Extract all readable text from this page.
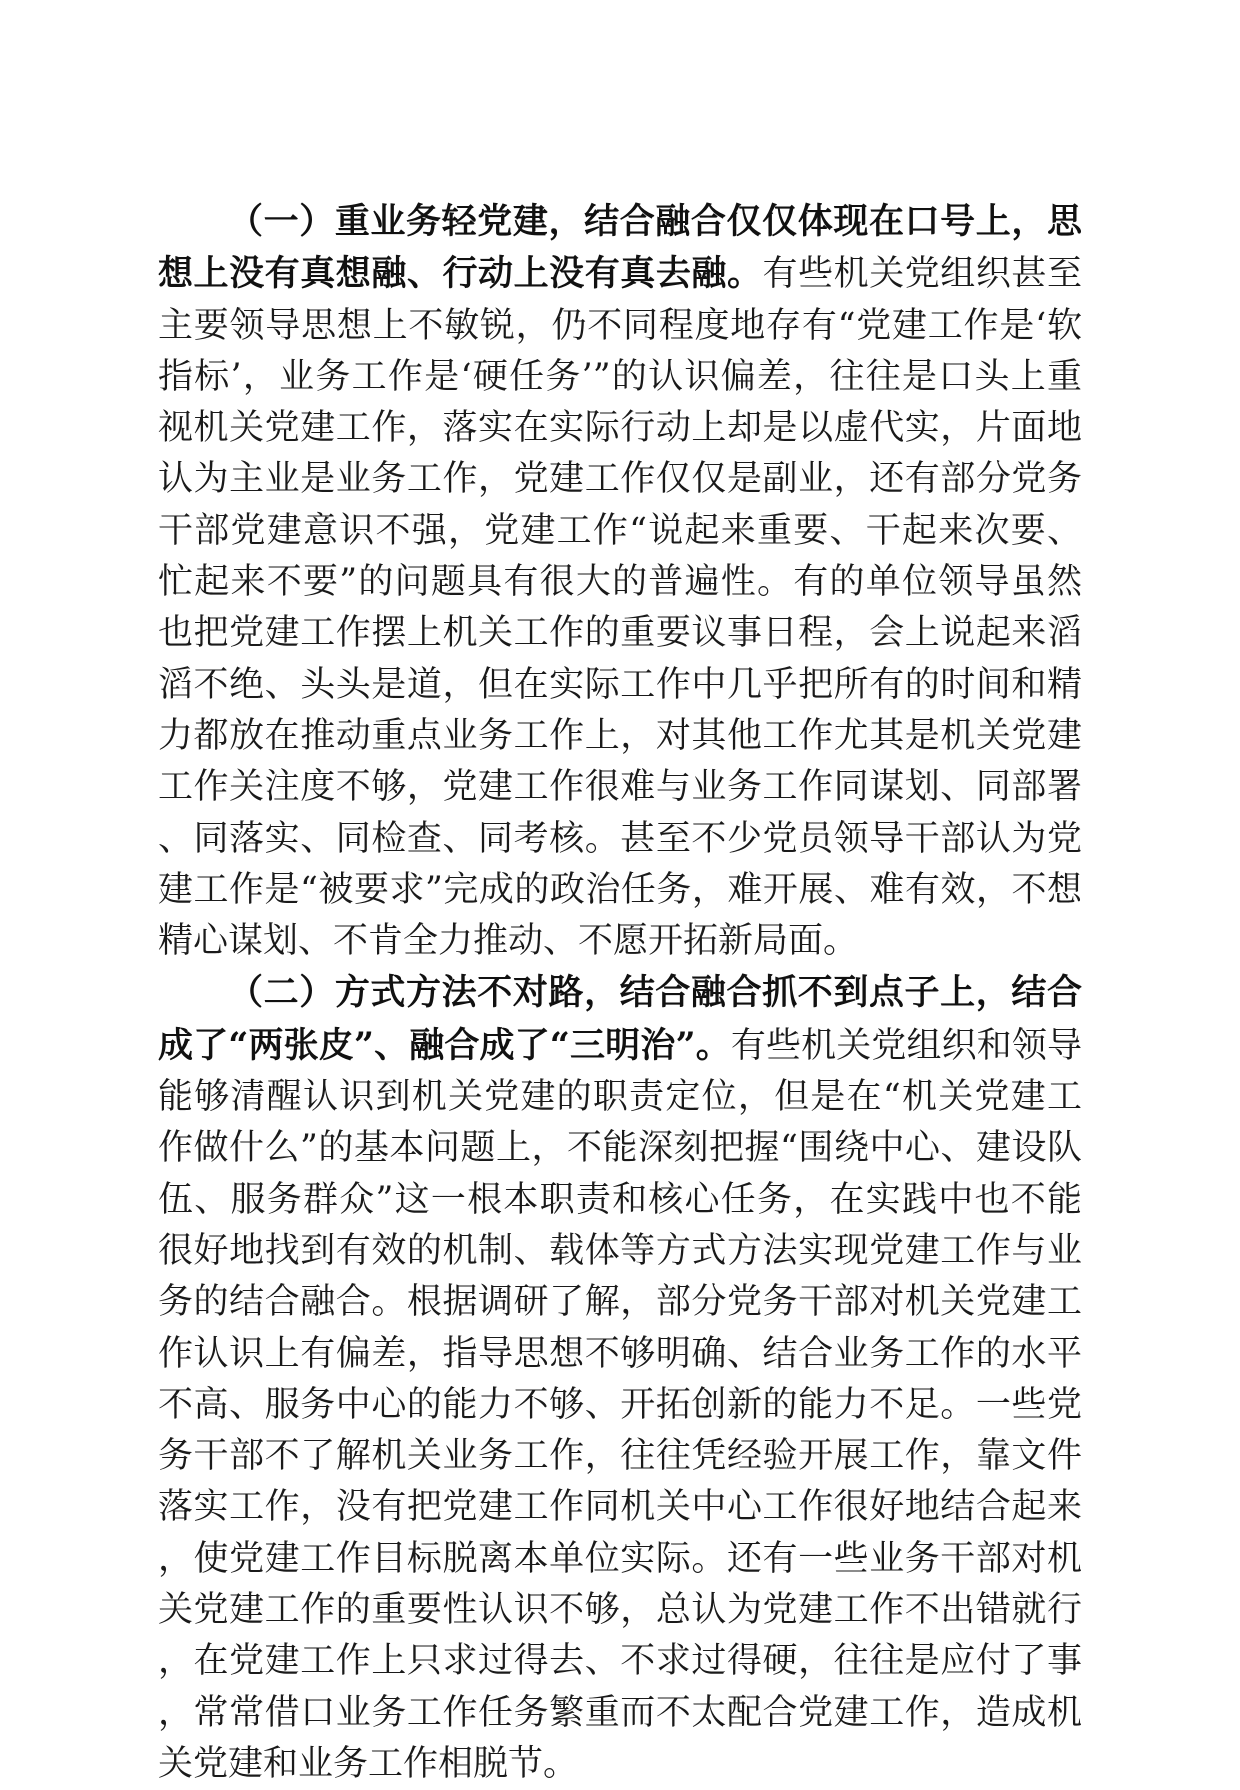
（一）重业务轻党建，结合融合仅仅体现在口号上，思想上没有真想融、行动上没有真去融。有些机关党组织甚至主要领导思想上不敏锐，仍不同程度地存有“党建工作是‘软指标’，业务工作是‘硬任务’”的认识偏差，往往是口头上重视机关党建工作，落实在实际行动上却是以虚代实，片面地认为主业是业务工作，党建工作仅仅是副业，还有部分党务干部党建意识不强，党建工作“说起来重要、干起来次要、忙起来不要”的问题具有很大的普遍性。有的单位领导虽然也把党建工作摆上机关工作的重要议事日程，会上说起来滔滔不绝、头头是道，但在实际工作中几乎把所有的时间和精力都放在推动重点业务工作上，对其他工作尤其是机关党建工作关注度不够，党建工作很难与业务工作同谋划、同部署、同落实、同检查、同考核。甚至不少党员领导干部认为党建工作是“被要求”完成的政治任务，难开展、难有效，不想精心谋划、不肯全力推动、不愿开拓新局面。

（二）方式方法不对路，结合融合抓不到点子上，结合成了“两张皮”、融合成了“三明治”。有些机关党组织和领导能够清醒认识到机关党建的职责定位，但是在“机关党建工作做什么”的基本问题上，不能深刻把握“围绕中心、建设队伍、服务群众”这一根本职责和核心任务，在实践中也不能很好地找到有效的机制、载体等方式方法实现党建工作与业务的结合融合。根据调研了解，部分党务干部对机关党建工作认识上有偏差，指导思想不够明确、结合业务工作的水平不高、服务中心的能力不够、开拓创新的能力不足。一些党务干部不了解机关业务工作，往往凭经验开展工作，靠文件落实工作，没有把党建工作同机关中心工作很好地结合起来，使党建工作目标脱离本单位实际。还有一些业务干部对机关党建工作的重要性认识不够，总认为党建工作不出错就行，在党建工作上只求过得去、不求过得硬，往往是应付了事，常常借口业务工作任务繁重而不太配合党建工作，造成机关党建和业务工作相脱节。
